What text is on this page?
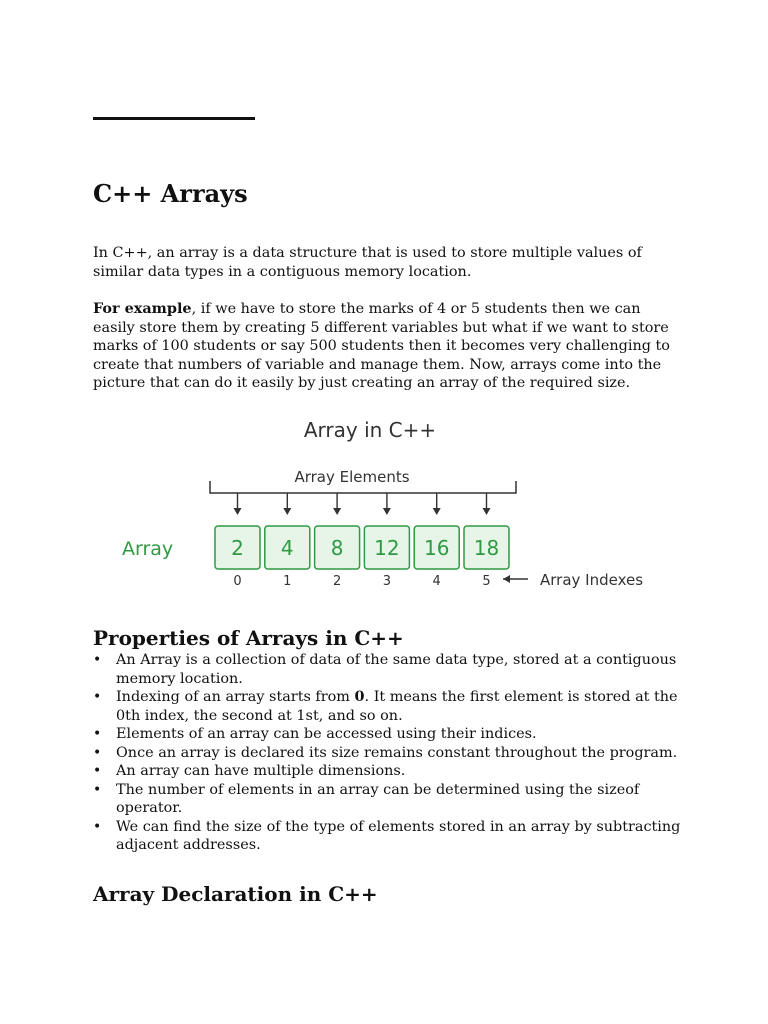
C++ Arrays

In C++, an array is a data structure that is used to store multiple values of similar data types in a contiguous memory location.

For example, if we have to store the marks of 4 or 5 students then we can easily store them by creating 5 different variables but what if we want to store marks of 100 students or say 500 students then it becomes very challenging to create that numbers of variable and manage them. Now, arrays come into the picture that can do it easily by just creating an array of the required size.

Array in C++
Array Elements
Array	2 4 8 12 16 18
0	1	2	3	4	5	Array Indexes
Properties of Arrays in C++
• An Array is a collection of data of the same data type, stored at a contiguous memory location.
• Indexing of an array starts from 0. It means the first element is stored at the 0th index, the second at 1st, and so on.
• Elements of an array can be accessed using their indices.
• Once an array is declared its size remains constant throughout the program.
• An array can have multiple dimensions.
• The number of elements in an array can be determined using the sizeof operator.
• We can find the size of the type of elements stored in an array by subtracting adjacent addresses.
Array Declaration in C++
